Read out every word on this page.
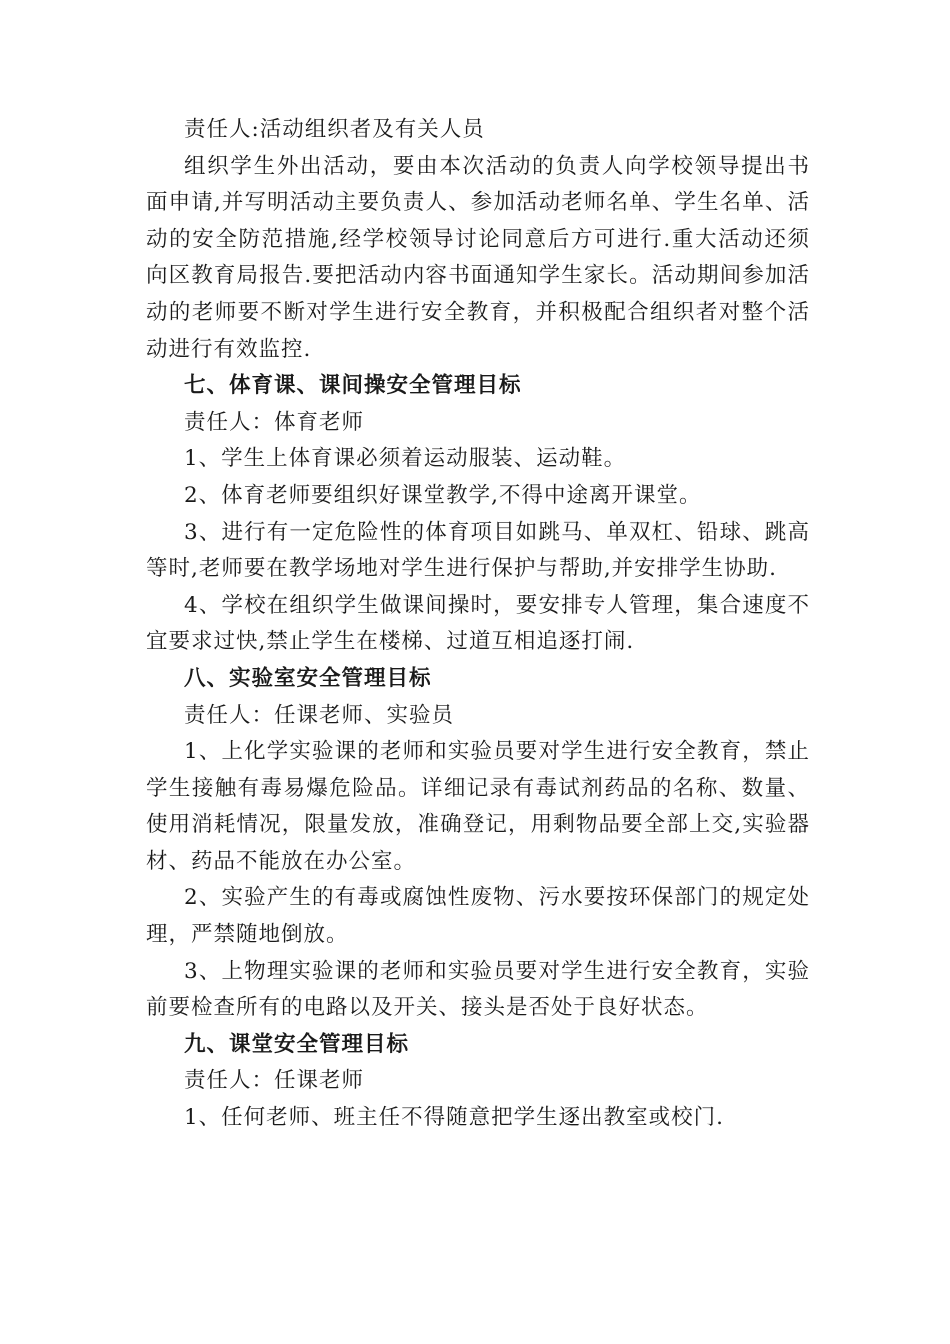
责任人:活动组织者及有关人员

组织学生外出活动，要由本次活动的负责人向学校领导提出书面申请,并写明活动主要负责人、参加活动老师名单、学生名单、活动的安全防范措施,经学校领导讨论同意后方可进行.重大活动还须向区教育局报告.要把活动内容书面通知学生家长。活动期间参加活动的老师要不断对学生进行安全教育，并积极配合组织者对整个活动进行有效监控.

七、体育课、课间操安全管理目标

责任人：体育老师

1、学生上体育课必须着运动服装、运动鞋。

2、体育老师要组织好课堂教学,不得中途离开课堂。

3、进行有一定危险性的体育项目如跳马、单双杠、铅球、跳高等时,老师要在教学场地对学生进行保护与帮助,并安排学生协助.

4、学校在组织学生做课间操时，要安排专人管理，集合速度不宜要求过快,禁止学生在楼梯、过道互相追逐打闹.

八、实验室安全管理目标

责任人：任课老师、实验员

1、上化学实验课的老师和实验员要对学生进行安全教育，禁止学生接触有毒易爆危险品。详细记录有毒试剂药品的名称、数量、使用消耗情况，限量发放，准确登记，用剩物品要全部上交,实验器材、药品不能放在办公室。

2、实验产生的有毒或腐蚀性废物、污水要按环保部门的规定处理，严禁随地倒放。

3、上物理实验课的老师和实验员要对学生进行安全教育，实验前要检查所有的电路以及开关、接头是否处于良好状态。

九、课堂安全管理目标

责任人：任课老师

1、任何老师、班主任不得随意把学生逐出教室或校门.
